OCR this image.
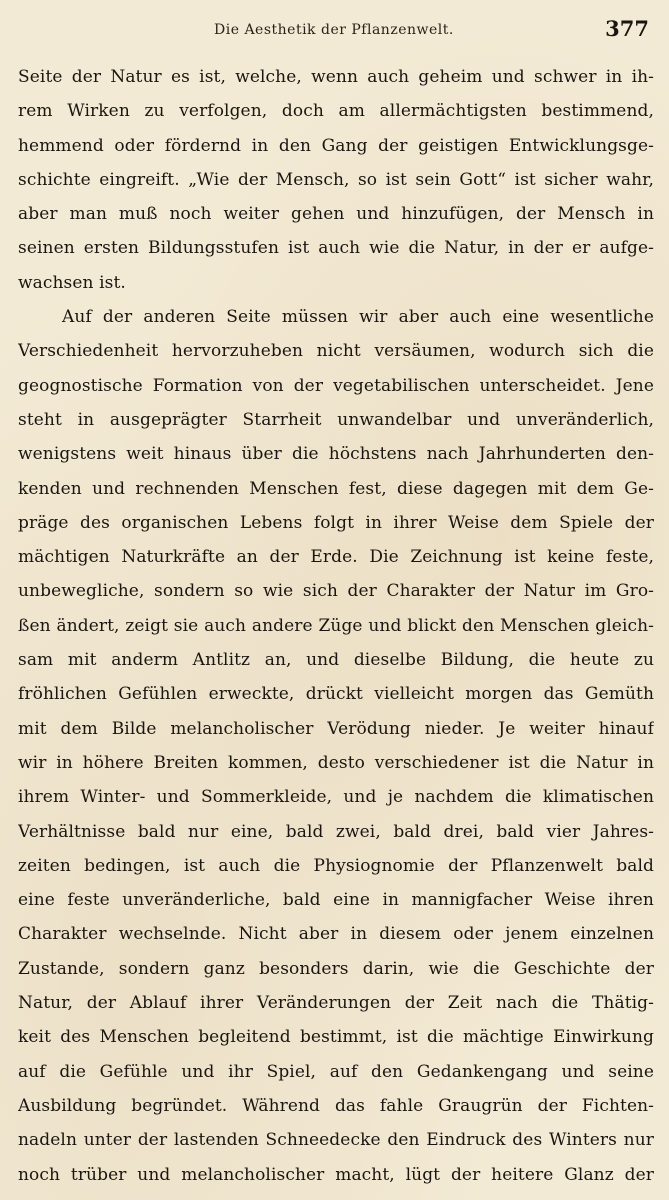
Die Aesthetik der Pflanzenwelt.	377
Seite der Natur es ist, welche, wenn auch geheim und schwer in ih-
rem Wirken zu verfolgen, doch am allermächtigsten bestimmend,
hemmend oder fördernd in den Gang der geistigen Entwicklungsge-
schichte eingreift. „Wie der Mensch, so ist sein Gott“ ist sicher wahr,
aber man muß noch weiter gehen und hinzufügen, der Mensch in
seinen ersten Bildungsstufen ist auch wie die Natur, in der er aufge-
wachsen ist.
Auf der anderen Seite müssen wir aber auch eine wesentliche
Verschiedenheit hervorzuheben nicht versäumen, wodurch sich die
geognostische Formation von der vegetabilischen unterscheidet. Jene
steht in ausgeprägter Starrheit unwandelbar und unveränderlich,
wenigstens weit hinaus über die höchstens nach Jahrhunderten den-
kenden und rechnenden Menschen fest, diese dagegen mit dem Ge-
präge des organischen Lebens folgt in ihrer Weise dem Spiele der
mächtigen Naturkräfte an der Erde. Die Zeichnung ist keine feste,
unbewegliche, sondern so wie sich der Charakter der Natur im Gro-
ßen ändert, zeigt sie auch andere Züge und blickt den Menschen gleich-
sam mit anderm Antlitz an, und dieselbe Bildung, die heute zu
fröhlichen Gefühlen erweckte, drückt vielleicht morgen das Gemüth
mit dem Bilde melancholischer Verödung nieder. Je weiter hinauf
wir in höhere Breiten kommen, desto verschiedener ist die Natur in
ihrem Winter- und Sommerkleide, und je nachdem die klimatischen
Verhältnisse bald nur eine, bald zwei, bald drei, bald vier Jahres-
zeiten bedingen, ist auch die Physiognomie der Pflanzenwelt bald
eine feste unveränderliche, bald eine in mannigfacher Weise ihren
Charakter wechselnde. Nicht aber in diesem oder jenem einzelnen
Zustande, sondern ganz besonders darin, wie die Geschichte der
Natur, der Ablauf ihrer Veränderungen der Zeit nach die Thätig-
keit des Menschen begleitend bestimmt, ist die mächtige Einwirkung
auf die Gefühle und ihr Spiel, auf den Gedankengang und seine
Ausbildung begründet. Während das fahle Graugrün der Fichten-
nadeln unter der lastenden Schneedecke den Eindruck des Winters nur
noch trüber und melancholischer macht, lügt der heitere Glanz der
